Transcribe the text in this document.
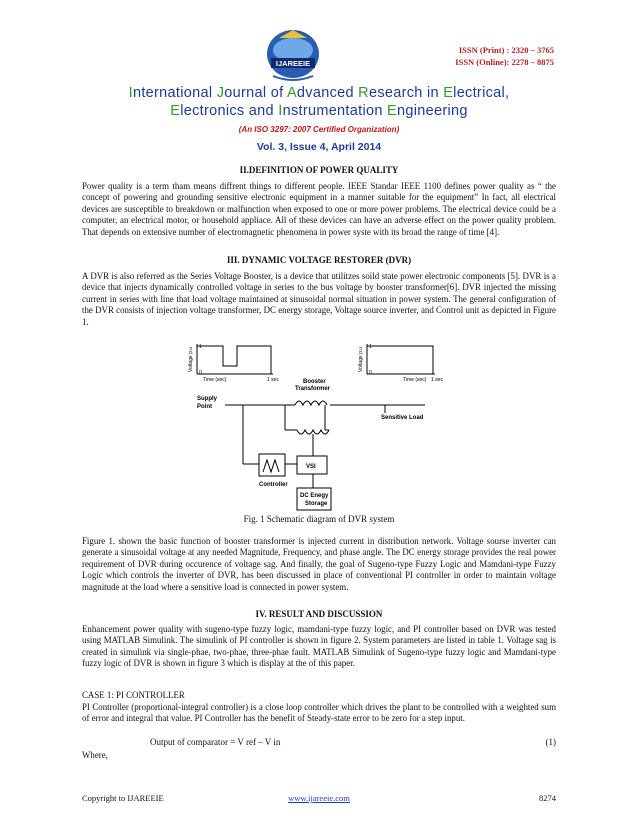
ISSN (Print) : 2320 – 3765
ISSN (Online): 2278 – 8875
IJAREEIE
International Journal of Advanced Research in Electrical,
Electronics and Instrumentation Engineering
(An ISO 3297: 2007 Certified Organization)
Vol. 3, Issue 4, April 2014
II.DEFINITION OF POWER QUALITY
Power quality is a term tham means diffrent things to different people. IEEE Standar IEEE 1100 defines power quality as “ the concept of powering and grounding sensitive electronic equipment in a manner suitable for the equipment” In fact, all electrical devices are susceptible to breakdown or malfunction when exposed to one or more power problems. The electrical device could be a computer, an electrical motor, or household appliace. All of these devices can have an adverse effect on the power quality problem. That depends on extensive number of electromagnetic phenomena in power syste with its broad the range of time [4].
III. DYNAMIC VOLTAGE RESTORER (DVR)
A DVR is also referred as the Series Voltage Booster, is a device that utilitzes soild state power electronic components [5]. DVR is a device that injects dynamically controlled voltage in series to the bus voltage by booster transformer[6]. DVR injected the missing current in series with line that load voltage maintained at sinusoidal normal situation in power system. The general configuration of the DVR consists of injection voltage transformer, DC energy storage, Voltage source inverter, and Control unit as depicted in Figure 1.
Voltage p.u 1
0
Time (sec)	1 sec
Voltage p.u 1
0
Time (sec) 1 sec
Booster
Transformer
Supply
Point
Sensitive Load
VSI
Controller
DC Enegy
Storage
Fig. 1 Schematic diagram of DVR system
Figure 1. shown the basic function of booster transformer is injected current in distribution network. Voltage sourse inverter can generate a sinusoidal voltage at any needed Magnitude, Frequency, and phase angle. The DC energy storage provides the real power requirement of DVR during occurence of voltage sag. And finally, the goal of Sugeno-type Fuzzy Logic and Mamdani-type Fuzzy Logic which controls the inverter of DVR, has been discussed in place of conventional PI controller in order to maintain voltage magnitude at the load where a sensitive load is connected in power system.
IV. RESULT AND DISCUSSION
Enhancement power quality with sugeno-type fuzzy logic, mamdani-type fuzzy logic, and PI controller based on DVR was tested using MATLAB Simulink. The simulink of PI controller is shown in figure 2. System parameters are listed in table 1. Voltage sag is created in simulink via single-phae, two-phae, three-phae fault. MATLAB Simulink of Sugeno-type fuzzy logic and Mamdani-type fuzzy logic of DVR is shown in figure 3 which is display at the of this paper.
CASE 1: PI CONTROLLER
PI Controller (proportional-integral controller) is a close loop controller which drives the plant to be controlled with a weighted sum of error and integral that value. PI Controller has the benefit of Steady-state error to be zero for a step input.
Output of comparator = V ref – V in	(1)
Where,
Copyright to IJAREEIE	www.ijareeie.com	8274
